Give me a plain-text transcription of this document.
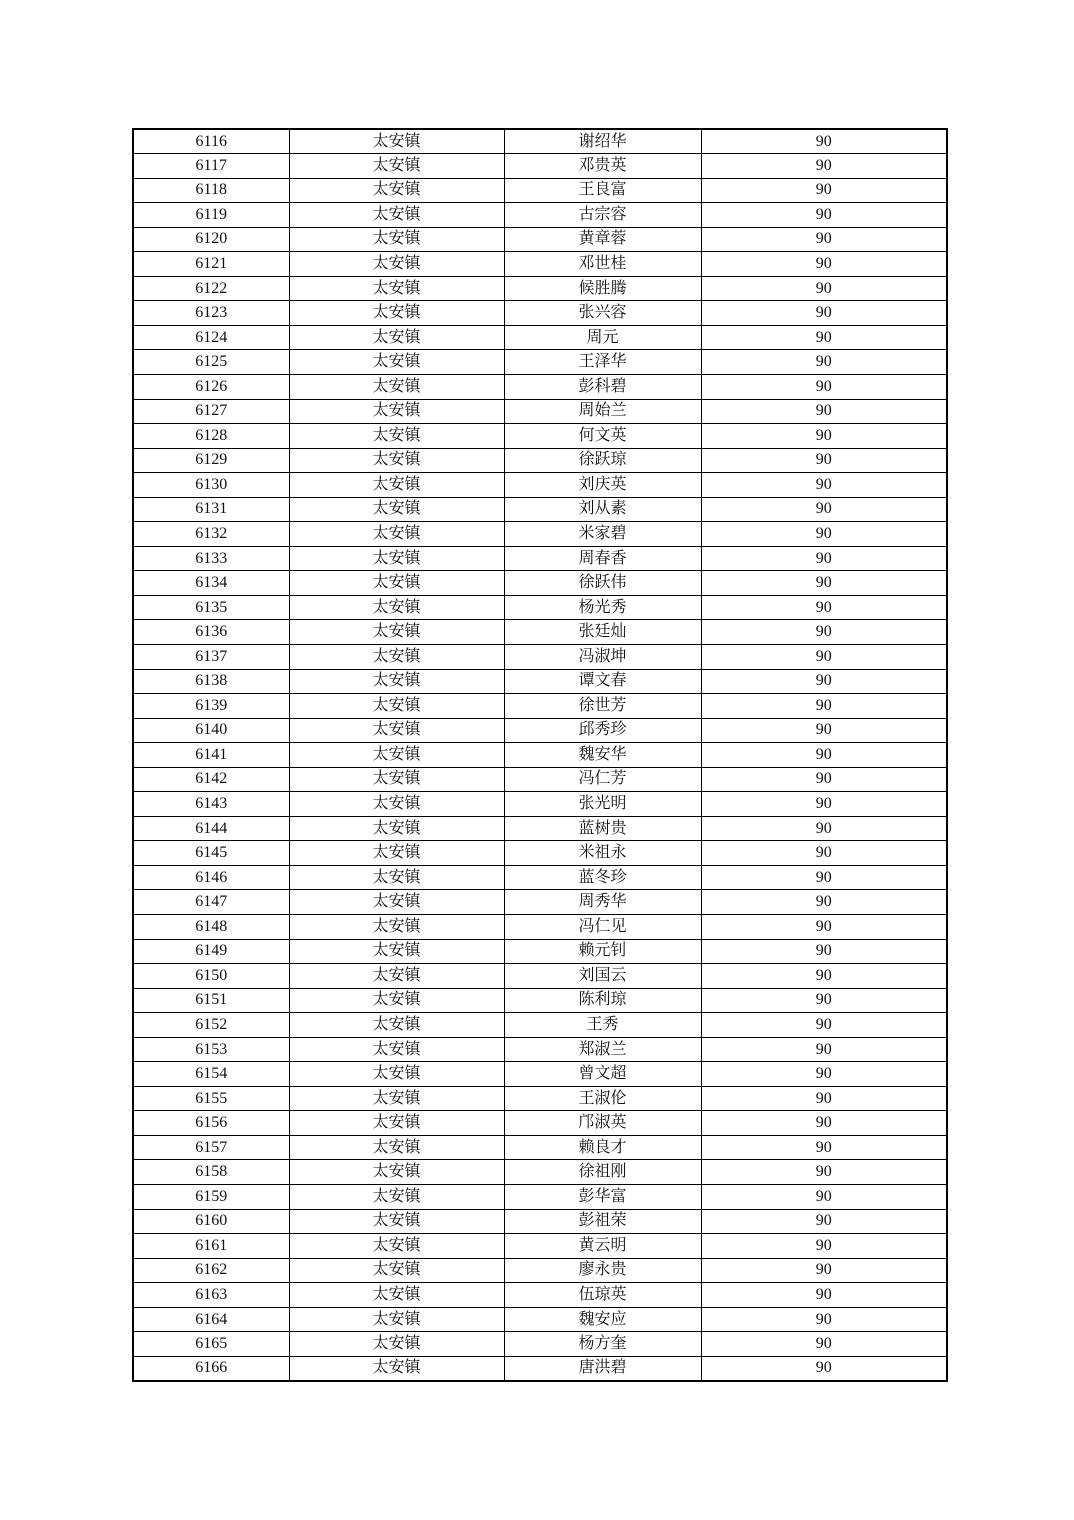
6116	太安镇	谢绍华	90
6117	太安镇	邓贵英	90
6118	太安镇	王良富	90
6119	太安镇	古宗容	90
6120	太安镇	黄章蓉	90
6121	太安镇	邓世桂	90
6122	太安镇	候胜腾	90
6123	太安镇	张兴容	90
6124	太安镇	周元	90
6125	太安镇	王泽华	90
6126	太安镇	彭科碧	90
6127	太安镇	周始兰	90
6128	太安镇	何文英	90
6129	太安镇	徐跃琼	90
6130	太安镇	刘庆英	90
6131	太安镇	刘从素	90
6132	太安镇	米家碧	90
6133	太安镇	周春香	90
6134	太安镇	徐跃伟	90
6135	太安镇	杨光秀	90
6136	太安镇	张廷灿	90
6137	太安镇	冯淑坤	90
6138	太安镇	谭文春	90
6139	太安镇	徐世芳	90
6140	太安镇	邱秀珍	90
6141	太安镇	魏安华	90
6142	太安镇	冯仁芳	90
6143	太安镇	张光明	90
6144	太安镇	蓝树贵	90
6145	太安镇	米祖永	90
6146	太安镇	蓝冬珍	90
6147	太安镇	周秀华	90
6148	太安镇	冯仁见	90
6149	太安镇	赖元钊	90
6150	太安镇	刘国云	90
6151	太安镇	陈利琼	90
6152	太安镇	王秀	90
6153	太安镇	郑淑兰	90
6154	太安镇	曾文超	90
6155	太安镇	王淑伦	90
6156	太安镇	邝淑英	90
6157	太安镇	赖良才	90
6158	太安镇	徐祖刚	90
6159	太安镇	彭华富	90
6160	太安镇	彭祖荣	90
6161	太安镇	黄云明	90
6162	太安镇	廖永贵	90
6163	太安镇	伍琼英	90
6164	太安镇	魏安应	90
6165	太安镇	杨方奎	90
6166	太安镇	唐洪碧	90
